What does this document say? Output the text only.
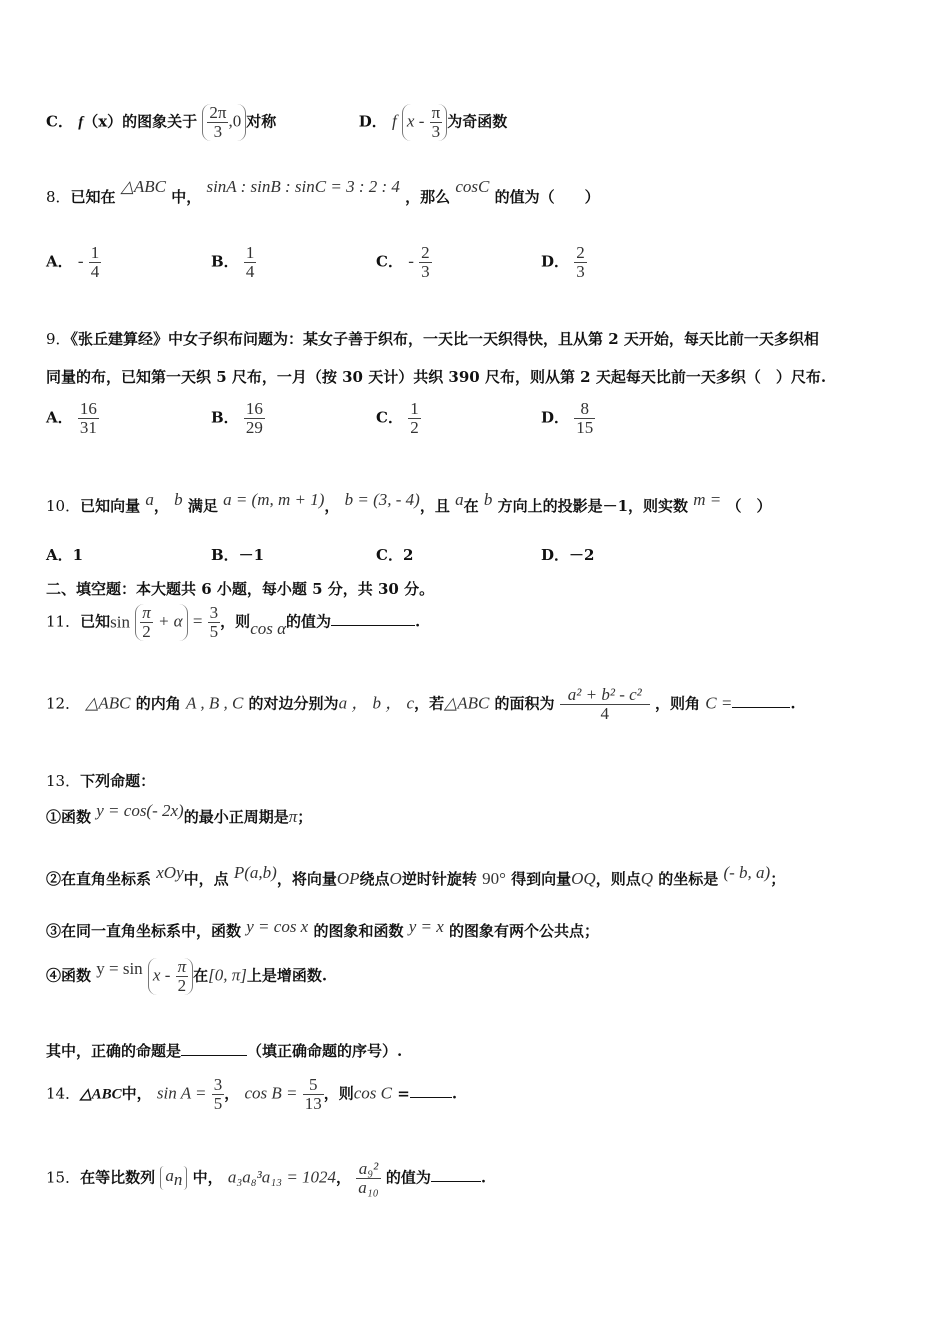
C． f（x）的图象关于 $\frac{2\pi}{3} ,0$ 对称	D． f x - $\frac{\pi}{3}$ 为奇函数
8．已知在 △ABC 中， sinA : sinB : sinC = 3 : 2 : 4 ，那么 cosC 的值为（　　）
A． - $\frac{1}{4}$	B． $\frac{1}{4}$	C． - $\frac{2}{3}$	D． $\frac{2}{3}$
9．《张丘建算经》中女子织布问题为：某女子善于织布，一天比一天织得快，且从第 2 天开始，每天比前一天多织相
同量的布，已知第一天织 5 尺布，一月（按 30 天计）共织 390 尺布，则从第 2 天起每天比前一天多织（　）尺布.
A． $\frac{16}{31}$	B． $\frac{16}{29}$	C． $\frac{1}{2}$	D． $\frac{8}{15}$
10．已知向量 a， b 满足 a = (m, m + 1)， b = (3, - 4)，且 a在 b 方向上的投影是－1，则实数 m = （　）
A．1	B．－1	C．2	D．－2
二、填空题：本大题共 6 小题，每小题 5 分，共 30 分。
11．已知$\sin \frac{\pi}{2} + \alpha = \frac{3}{5}$ ，则cos α的值为	.
12． △ABC 的内角 A , B , C 的对边分别为a ， b ， c，若△ABC 的面积为 $\frac{\text{a² + b² - c²}}{4}$ ，则角 C =	.
13．下列命题：
①函数 y = cos(- 2x)的最小正周期是π；
②在直角坐标系 xOy中，点 P(a,b)，将向量OP绕点O逆时针旋转 90° 得到向量OQ，则点Q 的坐标是 (- b, a)；
③在同一直角坐标系中，函数 y = cos x 的图象和函数 y = x 的图象有两个公共点；
④函数 $y = \sin x - \frac{\pi}{2}$ 在[0, π]上是增函数.
其中，正确的命题是	（填正确命题的序号）.
14．△ABC中， $\sin A = \frac{3}{5}$ ， $\cos B = \frac{5}{13}$ ，则cos C =	.
15．在等比数列 $a_n$ 中， a₃a₈³a₁₃ = 1024， $\frac{\text{a₉²}}{\text{a₁₀}}$ 的值为	.
